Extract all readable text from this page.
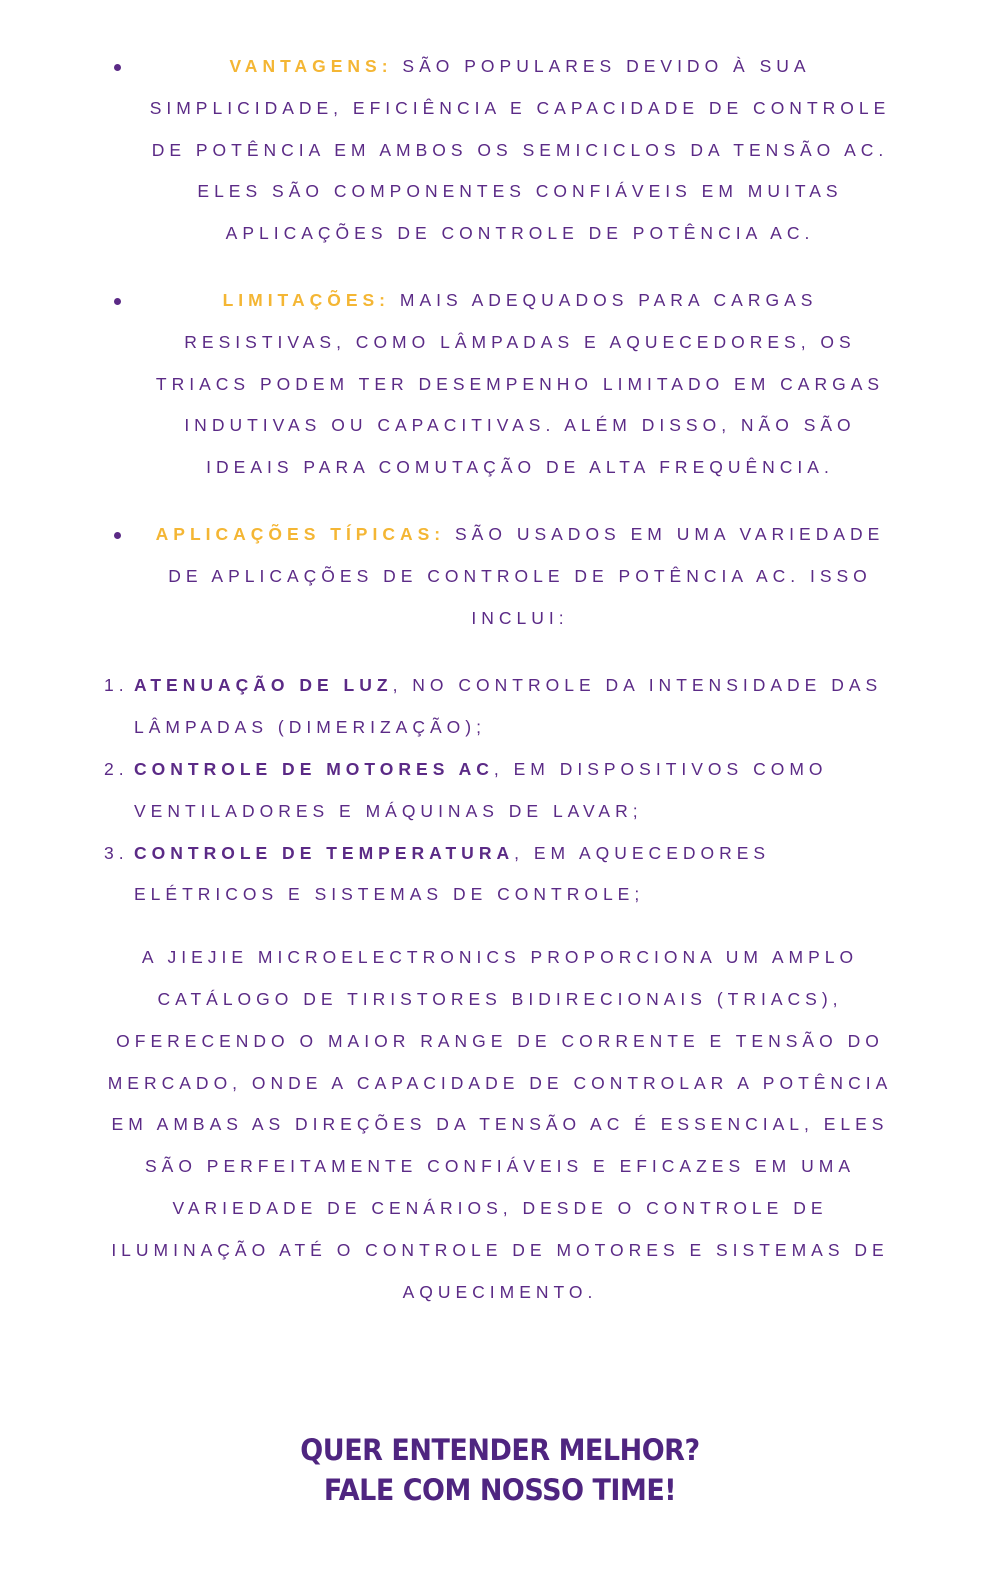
VANTAGENS: SÃO POPULARES DEVIDO À SUA SIMPLICIDADE, EFICIÊNCIA E CAPACIDADE DE CONTROLE DE POTÊNCIA EM AMBOS OS SEMICICLOS DA TENSÃO AC. ELES SÃO COMPONENTES CONFIÁVEIS EM MUITAS APLICAÇÕES DE CONTROLE DE POTÊNCIA AC.
LIMITAÇÕES: MAIS ADEQUADOS PARA CARGAS RESISTIVAS, COMO LÂMPADAS E AQUECEDORES, OS TRIACS PODEM TER DESEMPENHO LIMITADO EM CARGAS INDUTIVAS OU CAPACITIVAS. ALÉM DISSO, NÃO SÃO IDEAIS PARA COMUTAÇÃO DE ALTA FREQUÊNCIA.
APLICAÇÕES TÍPICAS: SÃO USADOS EM UMA VARIEDADE DE APLICAÇÕES DE CONTROLE DE POTÊNCIA AC. ISSO INCLUI:
1. ATENUAÇÃO DE LUZ, NO CONTROLE DA INTENSIDADE DAS LÂMPADAS (DIMERIZAÇÃO);
2. CONTROLE DE MOTORES AC, EM DISPOSITIVOS COMO VENTILADORES E MÁQUINAS DE LAVAR;
3. CONTROLE DE TEMPERATURA, EM AQUECEDORES ELÉTRICOS E SISTEMAS DE CONTROLE;

A JIEJIE MICROELECTRONICS PROPORCIONA UM AMPLO CATÁLOGO DE TIRISTORES BIDIRECIONAIS (TRIACS), OFERECENDO O MAIOR RANGE DE CORRENTE E TENSÃO DO MERCADO, ONDE A CAPACIDADE DE CONTROLAR A POTÊNCIA EM AMBAS AS DIREÇÕES DA TENSÃO AC É ESSENCIAL, ELES SÃO PERFEITAMENTE CONFIÁVEIS E EFICAZES EM UMA VARIEDADE DE CENÁRIOS, DESDE O CONTROLE DE ILUMINAÇÃO ATÉ O CONTROLE DE MOTORES E SISTEMAS DE AQUECIMENTO.

QUER ENTENDER MELHOR?
FALE COM NOSSO TIME!
